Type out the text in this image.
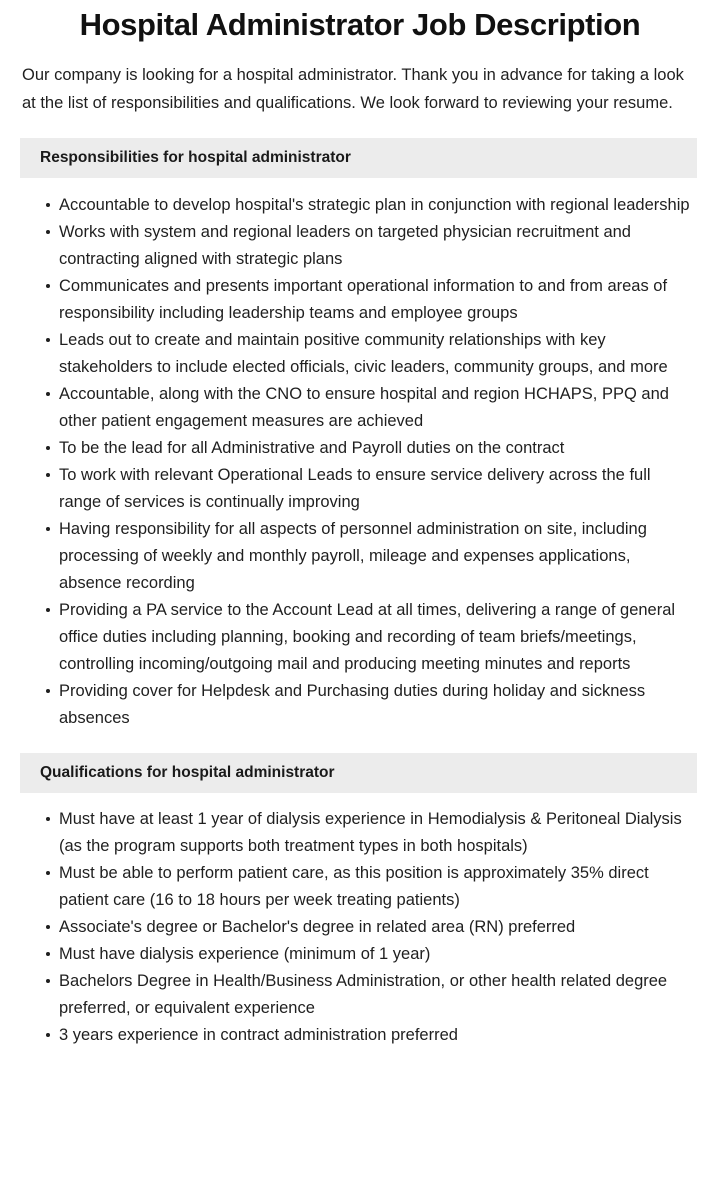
Hospital Administrator Job Description

Our company is looking for a hospital administrator. Thank you in advance for taking a look at the list of responsibilities and qualifications. We look forward to reviewing your resume.

Responsibilities for hospital administrator
Accountable to develop hospital's strategic plan in conjunction with regional leadership
Works with system and regional leaders on targeted physician recruitment and contracting aligned with strategic plans
Communicates and presents important operational information to and from areas of responsibility including leadership teams and employee groups
Leads out to create and maintain positive community relationships with key stakeholders to include elected officials, civic leaders, community groups, and more
Accountable, along with the CNO to ensure hospital and region HCHAPS, PPQ and other patient engagement measures are achieved
To be the lead for all Administrative and Payroll duties on the contract
To work with relevant Operational Leads to ensure service delivery across the full range of services is continually improving
Having responsibility for all aspects of personnel administration on site, including processing of weekly and monthly payroll, mileage and expenses applications, absence recording
Providing a PA service to the Account Lead at all times, delivering a range of general office duties including planning, booking and recording of team briefs/meetings, controlling incoming/outgoing mail and producing meeting minutes and reports
Providing cover for Helpdesk and Purchasing duties during holiday and sickness absences
Qualifications for hospital administrator
Must have at least 1 year of dialysis experience in Hemodialysis & Peritoneal Dialysis (as the program supports both treatment types in both hospitals)
Must be able to perform patient care, as this position is approximately 35% direct patient care (16 to 18 hours per week treating patients)
Associate's degree or Bachelor's degree in related area (RN) preferred
Must have dialysis experience (minimum of 1 year)
Bachelors Degree in Health/Business Administration, or other health related degree preferred, or equivalent experience
3 years experience in contract administration preferred
